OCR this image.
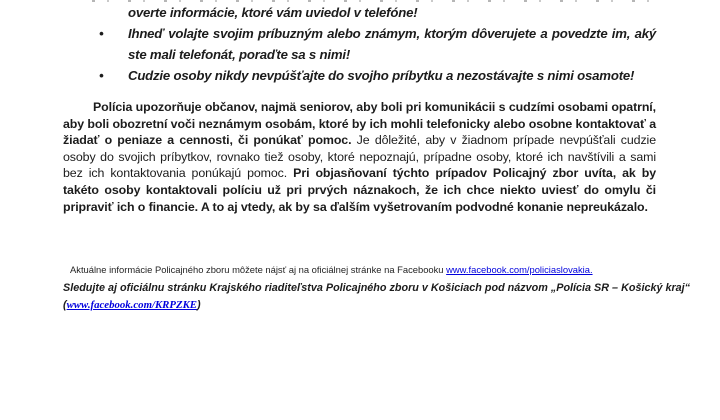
overte informácie, ktoré vám uviedol v telefóne!
•	Ihneď volajte svojim príbuzným alebo známym, ktorým dôverujete a povedzte im, aký ste mali telefonát, poraďte sa s nimi!
•	Cudzie osoby nikdy nevpúšťajte do svojho príbytku a nezostávajte s nimi osamote!

Polícia upozorňuje občanov, najmä seniorov, aby boli pri komunikácii s cudzími osobami opatrní, aby boli obozretní voči neznámym osobám, ktoré by ich mohli telefonicky alebo osobne kontaktovať a žiadať o peniaze a cennosti, či ponúkať pomoc. Je dôležité, aby v žiadnom prípade nevpúšťali cudzie osoby do svojich príbytkov, rovnako tiež osoby, ktoré nepoznajú, prípadne osoby, ktoré ich navštívili a sami bez ich kontaktovania ponúkajú pomoc. Pri objasňovaní týchto prípadov Policajný zbor uvíta, ak by takéto osoby kontaktovali políciu už pri prvých náznakoch, že ich chce niekto uviesť do omylu či pripraviť ich o financie. A to aj vtedy, ak by sa ďalším vyšetrovaním podvodné konanie nepreukázalo.

Aktuálne informácie Policajného zboru môžete nájsť aj na oficiálnej stránke na Facebooku www.facebook.com/policiaslovakia.
Sledujte aj oficiálnu stránku Krajského riaditeľstva Policajného zboru v Košiciach pod názvom „Polícia SR – Košický kraj“
(www.facebook.com/KRPZKE)
